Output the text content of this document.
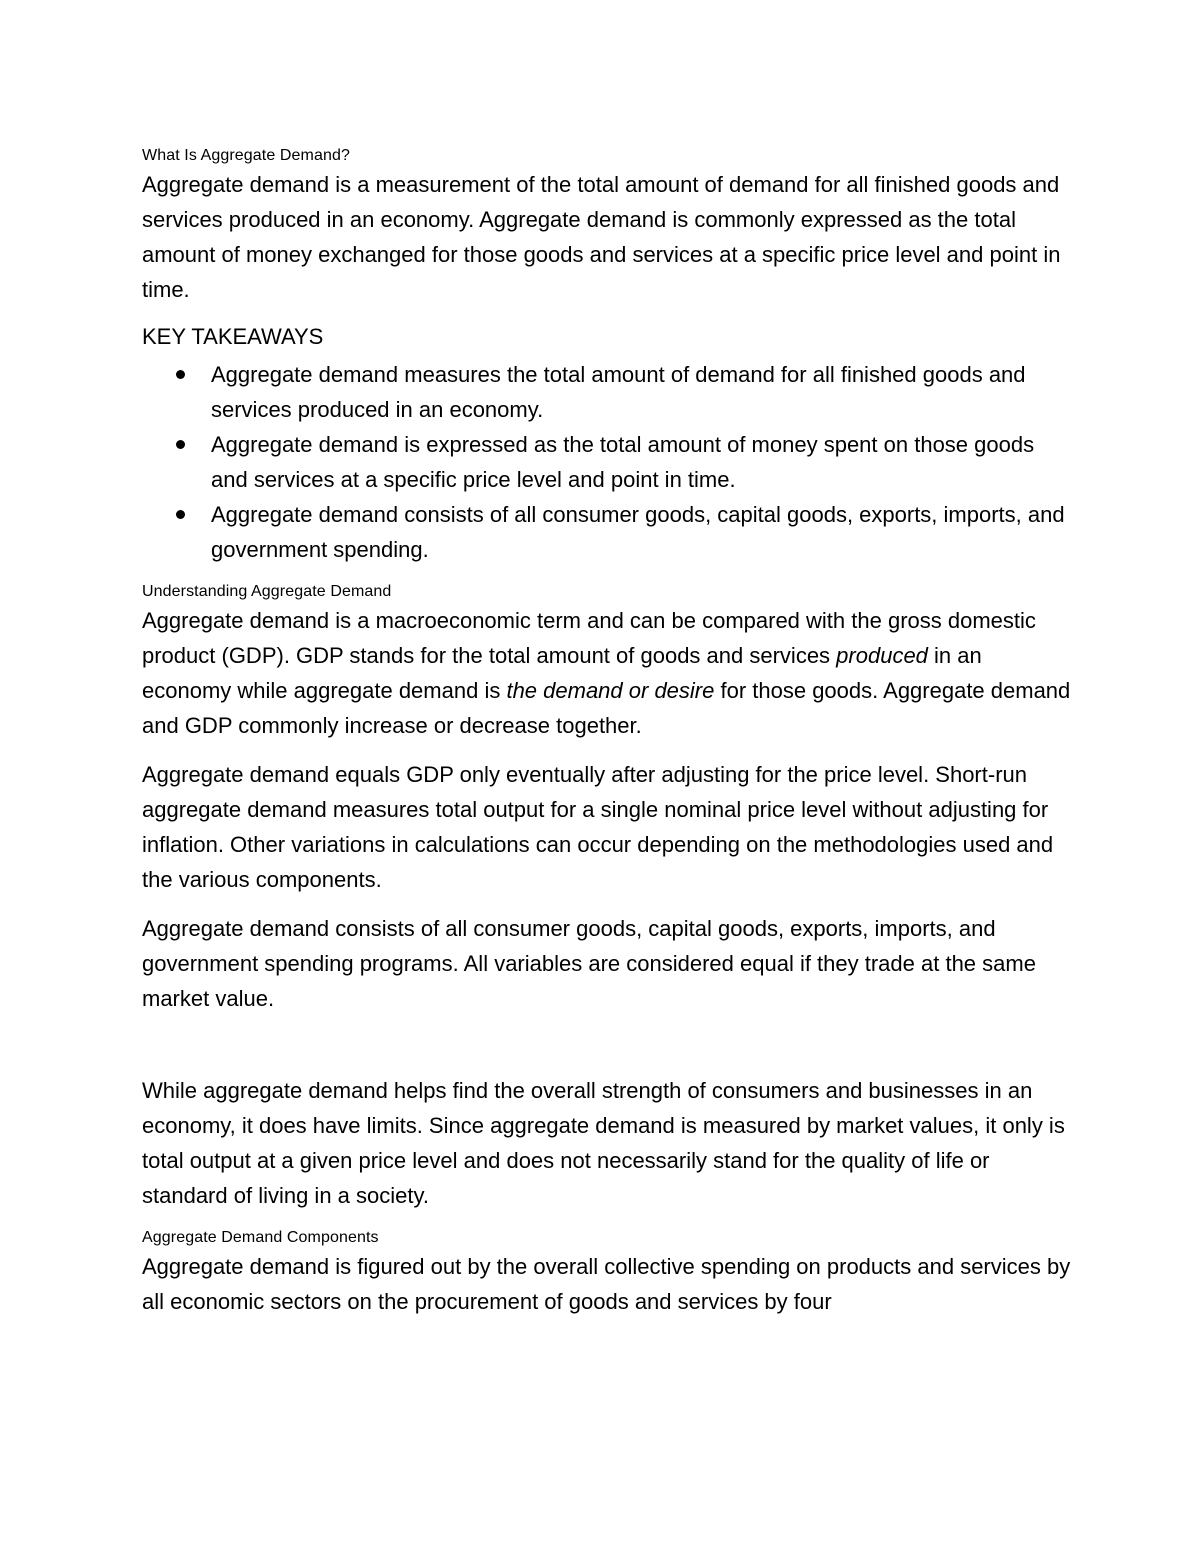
What Is Aggregate Demand?

Aggregate demand is a measurement of the total amount of demand for all finished goods and services produced in an economy. Aggregate demand is commonly expressed as the total amount of money exchanged for those goods and services at a specific price level and point in time.

KEY TAKEAWAYS

Aggregate demand measures the total amount of demand for all finished goods and services produced in an economy.
Aggregate demand is expressed as the total amount of money spent on those goods and services at a specific price level and point in time.
Aggregate demand consists of all consumer goods, capital goods, exports, imports, and government spending.

Understanding Aggregate Demand

Aggregate demand is a macroeconomic term and can be compared with the gross domestic product (GDP). GDP stands for the total amount of goods and services produced in an economy while aggregate demand is the demand or desire for those goods. Aggregate demand and GDP commonly increase or decrease together.

Aggregate demand equals GDP only eventually after adjusting for the price level. Short-run aggregate demand measures total output for a single nominal price level without adjusting for inflation. Other variations in calculations can occur depending on the methodologies used and the various components.

Aggregate demand consists of all consumer goods, capital goods, exports, imports, and government spending programs. All variables are considered equal if they trade at the same market value.

While aggregate demand helps find the overall strength of consumers and businesses in an economy, it does have limits. Since aggregate demand is measured by market values, it only is total output at a given price level and does not necessarily stand for the quality of life or standard of living in a society.

Aggregate Demand Components

Aggregate demand is figured out by the overall collective spending on products and services by all economic sectors on the procurement of goods and services by four
